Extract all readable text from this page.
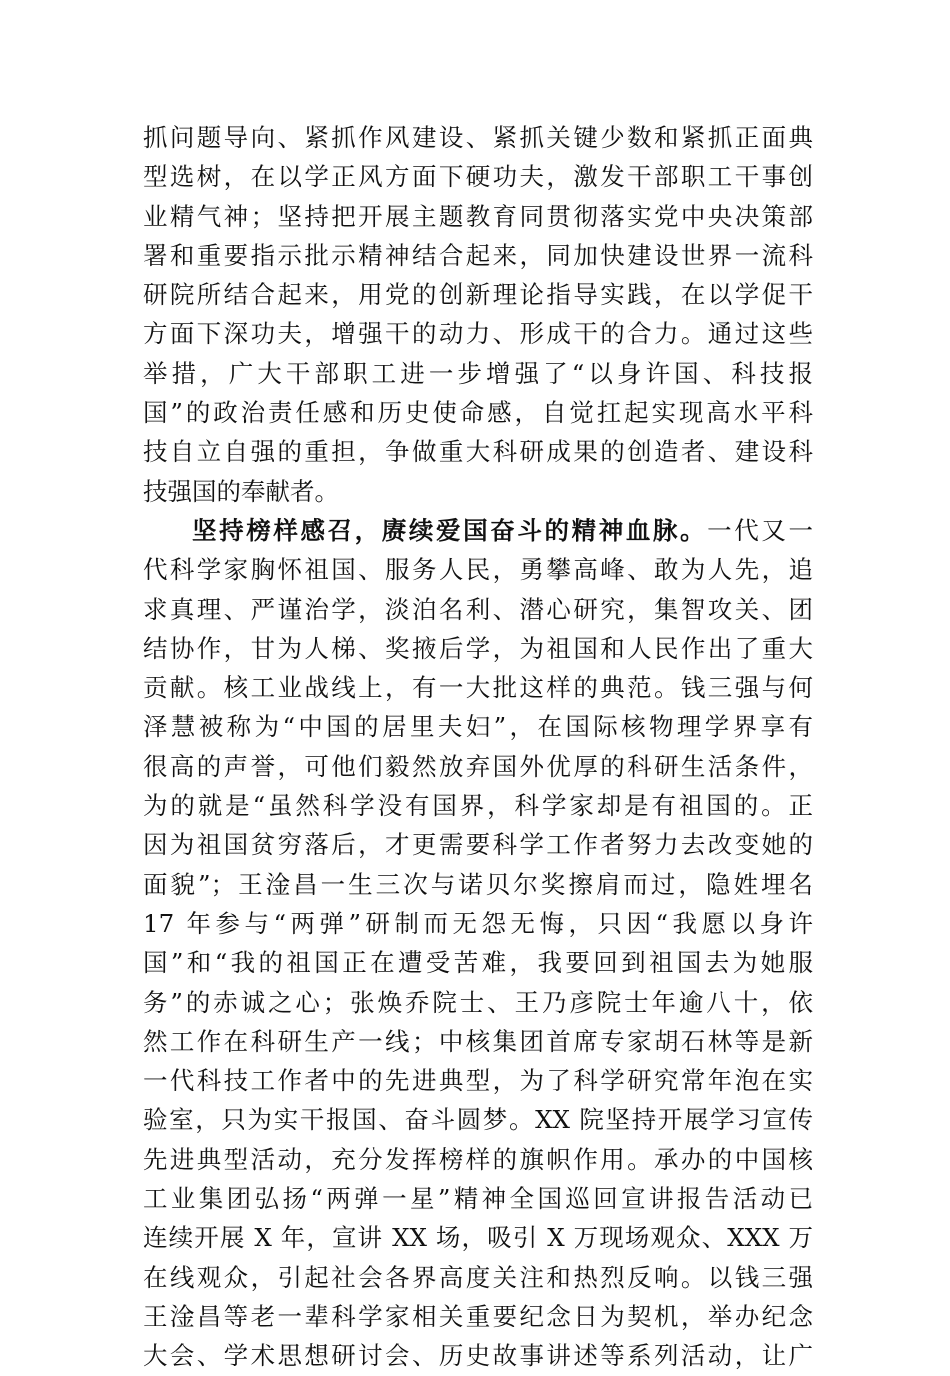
抓问题导向、紧抓作风建设、紧抓关键少数和紧抓正面典
型选树，在以学正风方面下硬功夫，激发干部职工干事创
业精气神；坚持把开展主题教育同贯彻落实党中央决策部
署和重要指示批示精神结合起来，同加快建设世界一流科
研院所结合起来，用党的创新理论指导实践，在以学促干
方面下深功夫，增强干的动力、形成干的合力。通过这些
举措，广大干部职工进一步增强了“以身许国、科技报
国”的政治责任感和历史使命感，自觉扛起实现高水平科
技自立自强的重担，争做重大科研成果的创造者、建设科
技强国的奉献者。
坚持榜样感召，赓续爱国奋斗的精神血脉。一代又一
代科学家胸怀祖国、服务人民，勇攀高峰、敢为人先，追
求真理、严谨治学，淡泊名利、潜心研究，集智攻关、团
结协作，甘为人梯、奖掖后学，为祖国和人民作出了重大
贡献。核工业战线上，有一大批这样的典范。钱三强与何
泽慧被称为“中国的居里夫妇”，在国际核物理学界享有
很高的声誉，可他们毅然放弃国外优厚的科研生活条件，
为的就是“虽然科学没有国界，科学家却是有祖国的。正
因为祖国贫穷落后，才更需要科学工作者努力去改变她的
面貌”；王淦昌一生三次与诺贝尔奖擦肩而过，隐姓埋名
17 年参与“两弹”研制而无怨无悔，只因“我愿以身许
国”和“我的祖国正在遭受苦难，我要回到祖国去为她服
务”的赤诚之心；张焕乔院士、王乃彦院士年逾八十，依
然工作在科研生产一线；中核集团首席专家胡石林等是新
一代科技工作者中的先进典型，为了科学研究常年泡在实
验室，只为实干报国、奋斗圆梦。XX 院坚持开展学习宣传
先进典型活动，充分发挥榜样的旗帜作用。承办的中国核
工业集团弘扬“两弹一星”精神全国巡回宣讲报告活动已
连续开展 X 年，宣讲 XX 场，吸引 X 万现场观众、XXX 万
在线观众，引起社会各界高度关注和热烈反响。以钱三强
王淦昌等老一辈科学家相关重要纪念日为契机，举办纪念
大会、学术思想研讨会、历史故事讲述等系列活动，让广
